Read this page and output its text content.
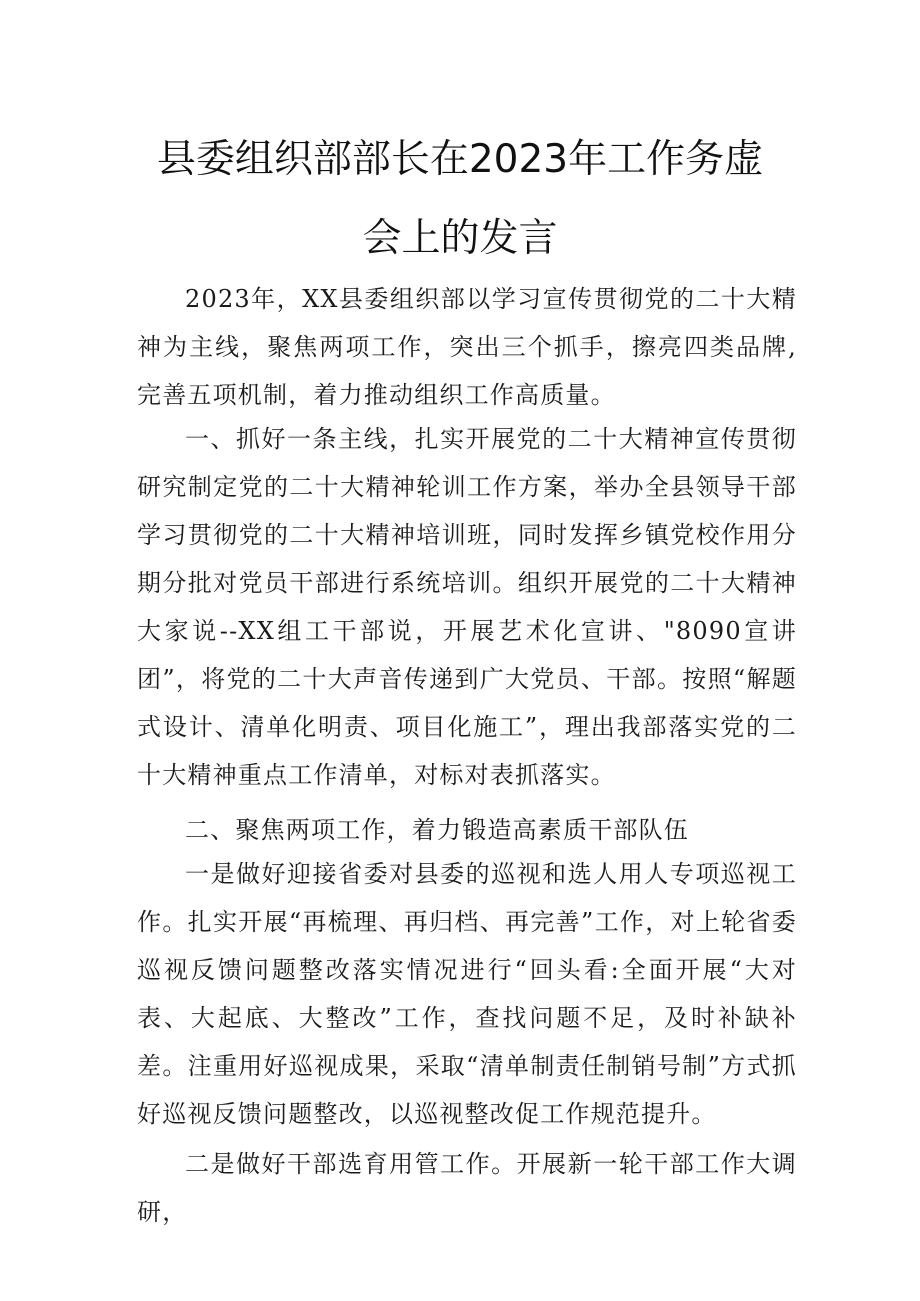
县委组织部部长在2023年工作务虚
会上的发言

2023年，XX县委组织部以学习宣传贯彻党的二十大精神为主线，聚焦两项工作，突出三个抓手，擦亮四类品牌,完善五项机制，着力推动组织工作高质量。

一、抓好一条主线，扎实开展党的二十大精神宣传贯彻研究制定党的二十大精神轮训工作方案，举办全县领导干部学习贯彻党的二十大精神培训班，同时发挥乡镇党校作用分期分批对党员干部进行系统培训。组织开展党的二十大精神大家说--XX组工干部说，开展艺术化宣讲、"8090宣讲团”，将党的二十大声音传递到广大党员、干部。按照“解题式设计、清单化明责、项目化施工”，理出我部落实党的二十大精神重点工作清单，对标对表抓落实。

二、聚焦两项工作，着力锻造高素质干部队伍

一是做好迎接省委对县委的巡视和选人用人专项巡视工作。扎实开展“再梳理、再归档、再完善”工作，对上轮省委巡视反馈问题整改落实情况进行“回头看:全面开展“大对表、大起底、大整改”工作，查找问题不足，及时补缺补差。注重用好巡视成果，采取“清单制责任制销号制”方式抓好巡视反馈问题整改，以巡视整改促工作规范提升。

二是做好干部选育用管工作。开展新一轮干部工作大调研，
